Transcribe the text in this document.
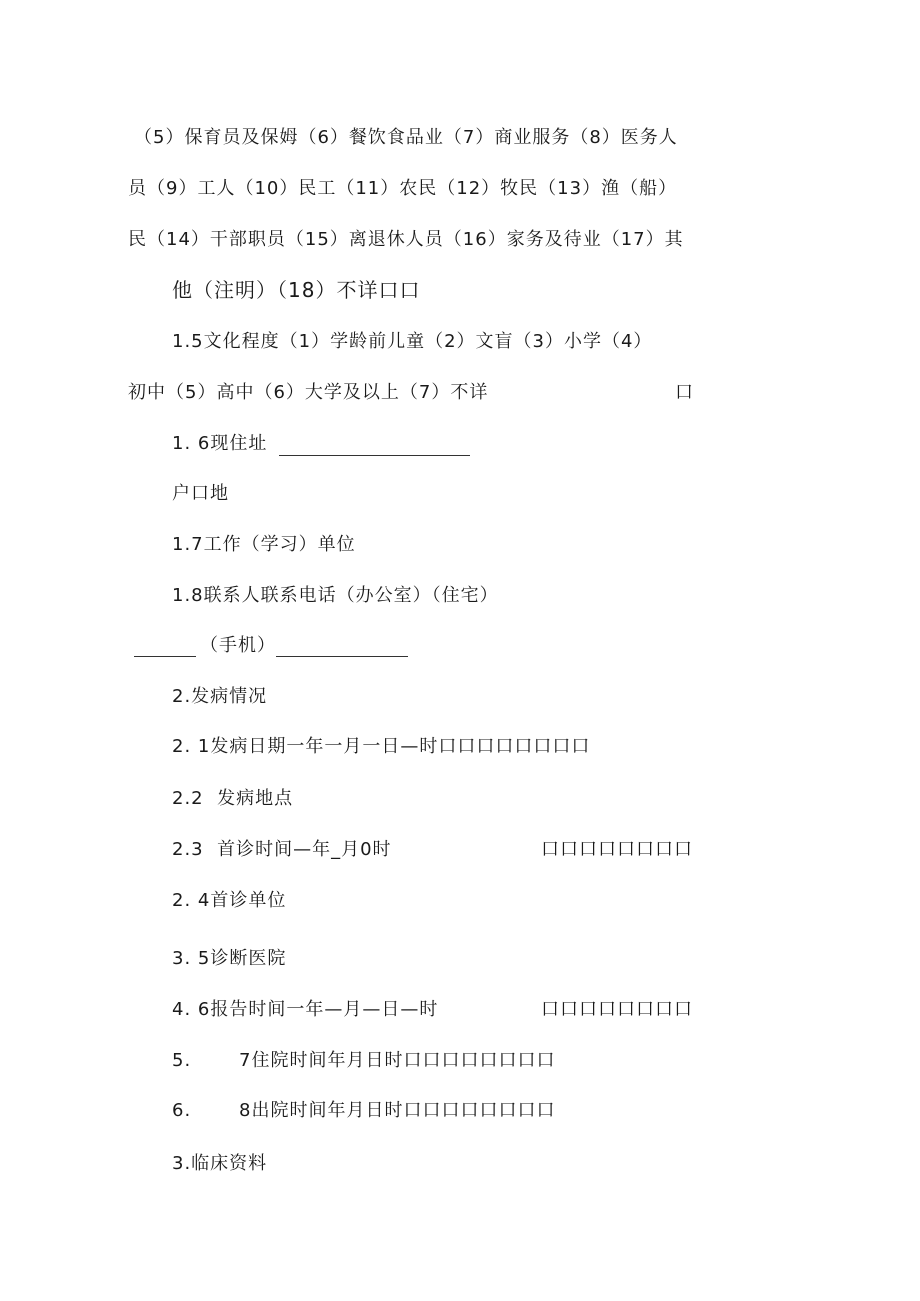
（5）保育员及保姆（6）餐饮食品业（7）商业服务（8）医务人
员（9）工人（10）民工（11）农民（12）牧民（13）渔（船）
民（14）干部职员（15）离退休人员（16）家务及待业（17）其
他（注明）（18）不详口口
1.5文化程度（1）学龄前儿童（2）文盲（3）小学（4）
初中（5）高中（6）大学及以上（7）不详	口
1. 6现住址
户口地
1.7工作（学习）单位
1.8联系人联系电话（办公室）（住宅）
（手机）
2.发病情况
2. 1发病日期一年一月一日—时口口口口口口口口
2.2  发病地点
2.3  首诊时间—年_月0时	口口口口口口口口
2. 4首诊单位
3. 5诊断医院
4. 6报告时间一年—月—日—时	口口口口口口口口
5.	7住院时间年月日时口口口口口口口口
6.	8出院时间年月日时口口口口口口口口
3.临床资料
